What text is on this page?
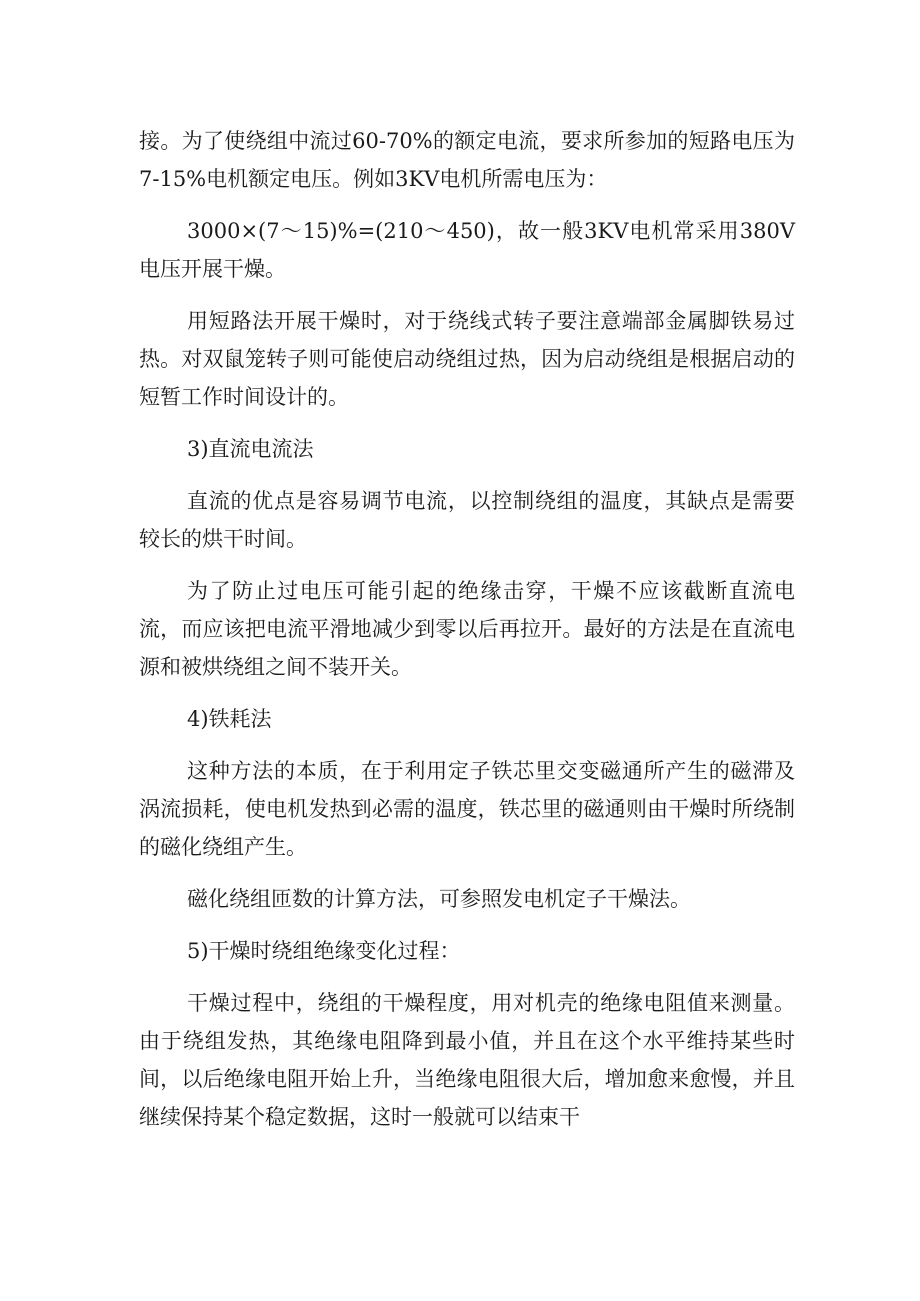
接。为了使绕组中流过60-70%的额定电流，要求所参加的短路电压为7-15%电机额定电压。例如3KV电机所需电压为：

3000×(7～15)%=(210～450)，故一般3KV电机常采用380V电压开展干燥。

用短路法开展干燥时，对于绕线式转子要注意端部金属脚铁易过热。对双鼠笼转子则可能使启动绕组过热，因为启动绕组是根据启动的短暂工作时间设计的。

3)直流电流法

直流的优点是容易调节电流，以控制绕组的温度，其缺点是需要较长的烘干时间。

为了防止过电压可能引起的绝缘击穿，干燥不应该截断直流电流，而应该把电流平滑地减少到零以后再拉开。最好的方法是在直流电源和被烘绕组之间不装开关。

4)铁耗法

这种方法的本质，在于利用定子铁芯里交变磁通所产生的磁滞及涡流损耗，使电机发热到必需的温度，铁芯里的磁通则由干燥时所绕制的磁化绕组产生。

磁化绕组匝数的计算方法，可参照发电机定子干燥法。

5)干燥时绕组绝缘变化过程：

干燥过程中，绕组的干燥程度，用对机壳的绝缘电阻值来测量。由于绕组发热，其绝缘电阻降到最小值，并且在这个水平维持某些时间，以后绝缘电阻开始上升，当绝缘电阻很大后，增加愈来愈慢，并且继续保持某个稳定数据，这时一般就可以结束干
